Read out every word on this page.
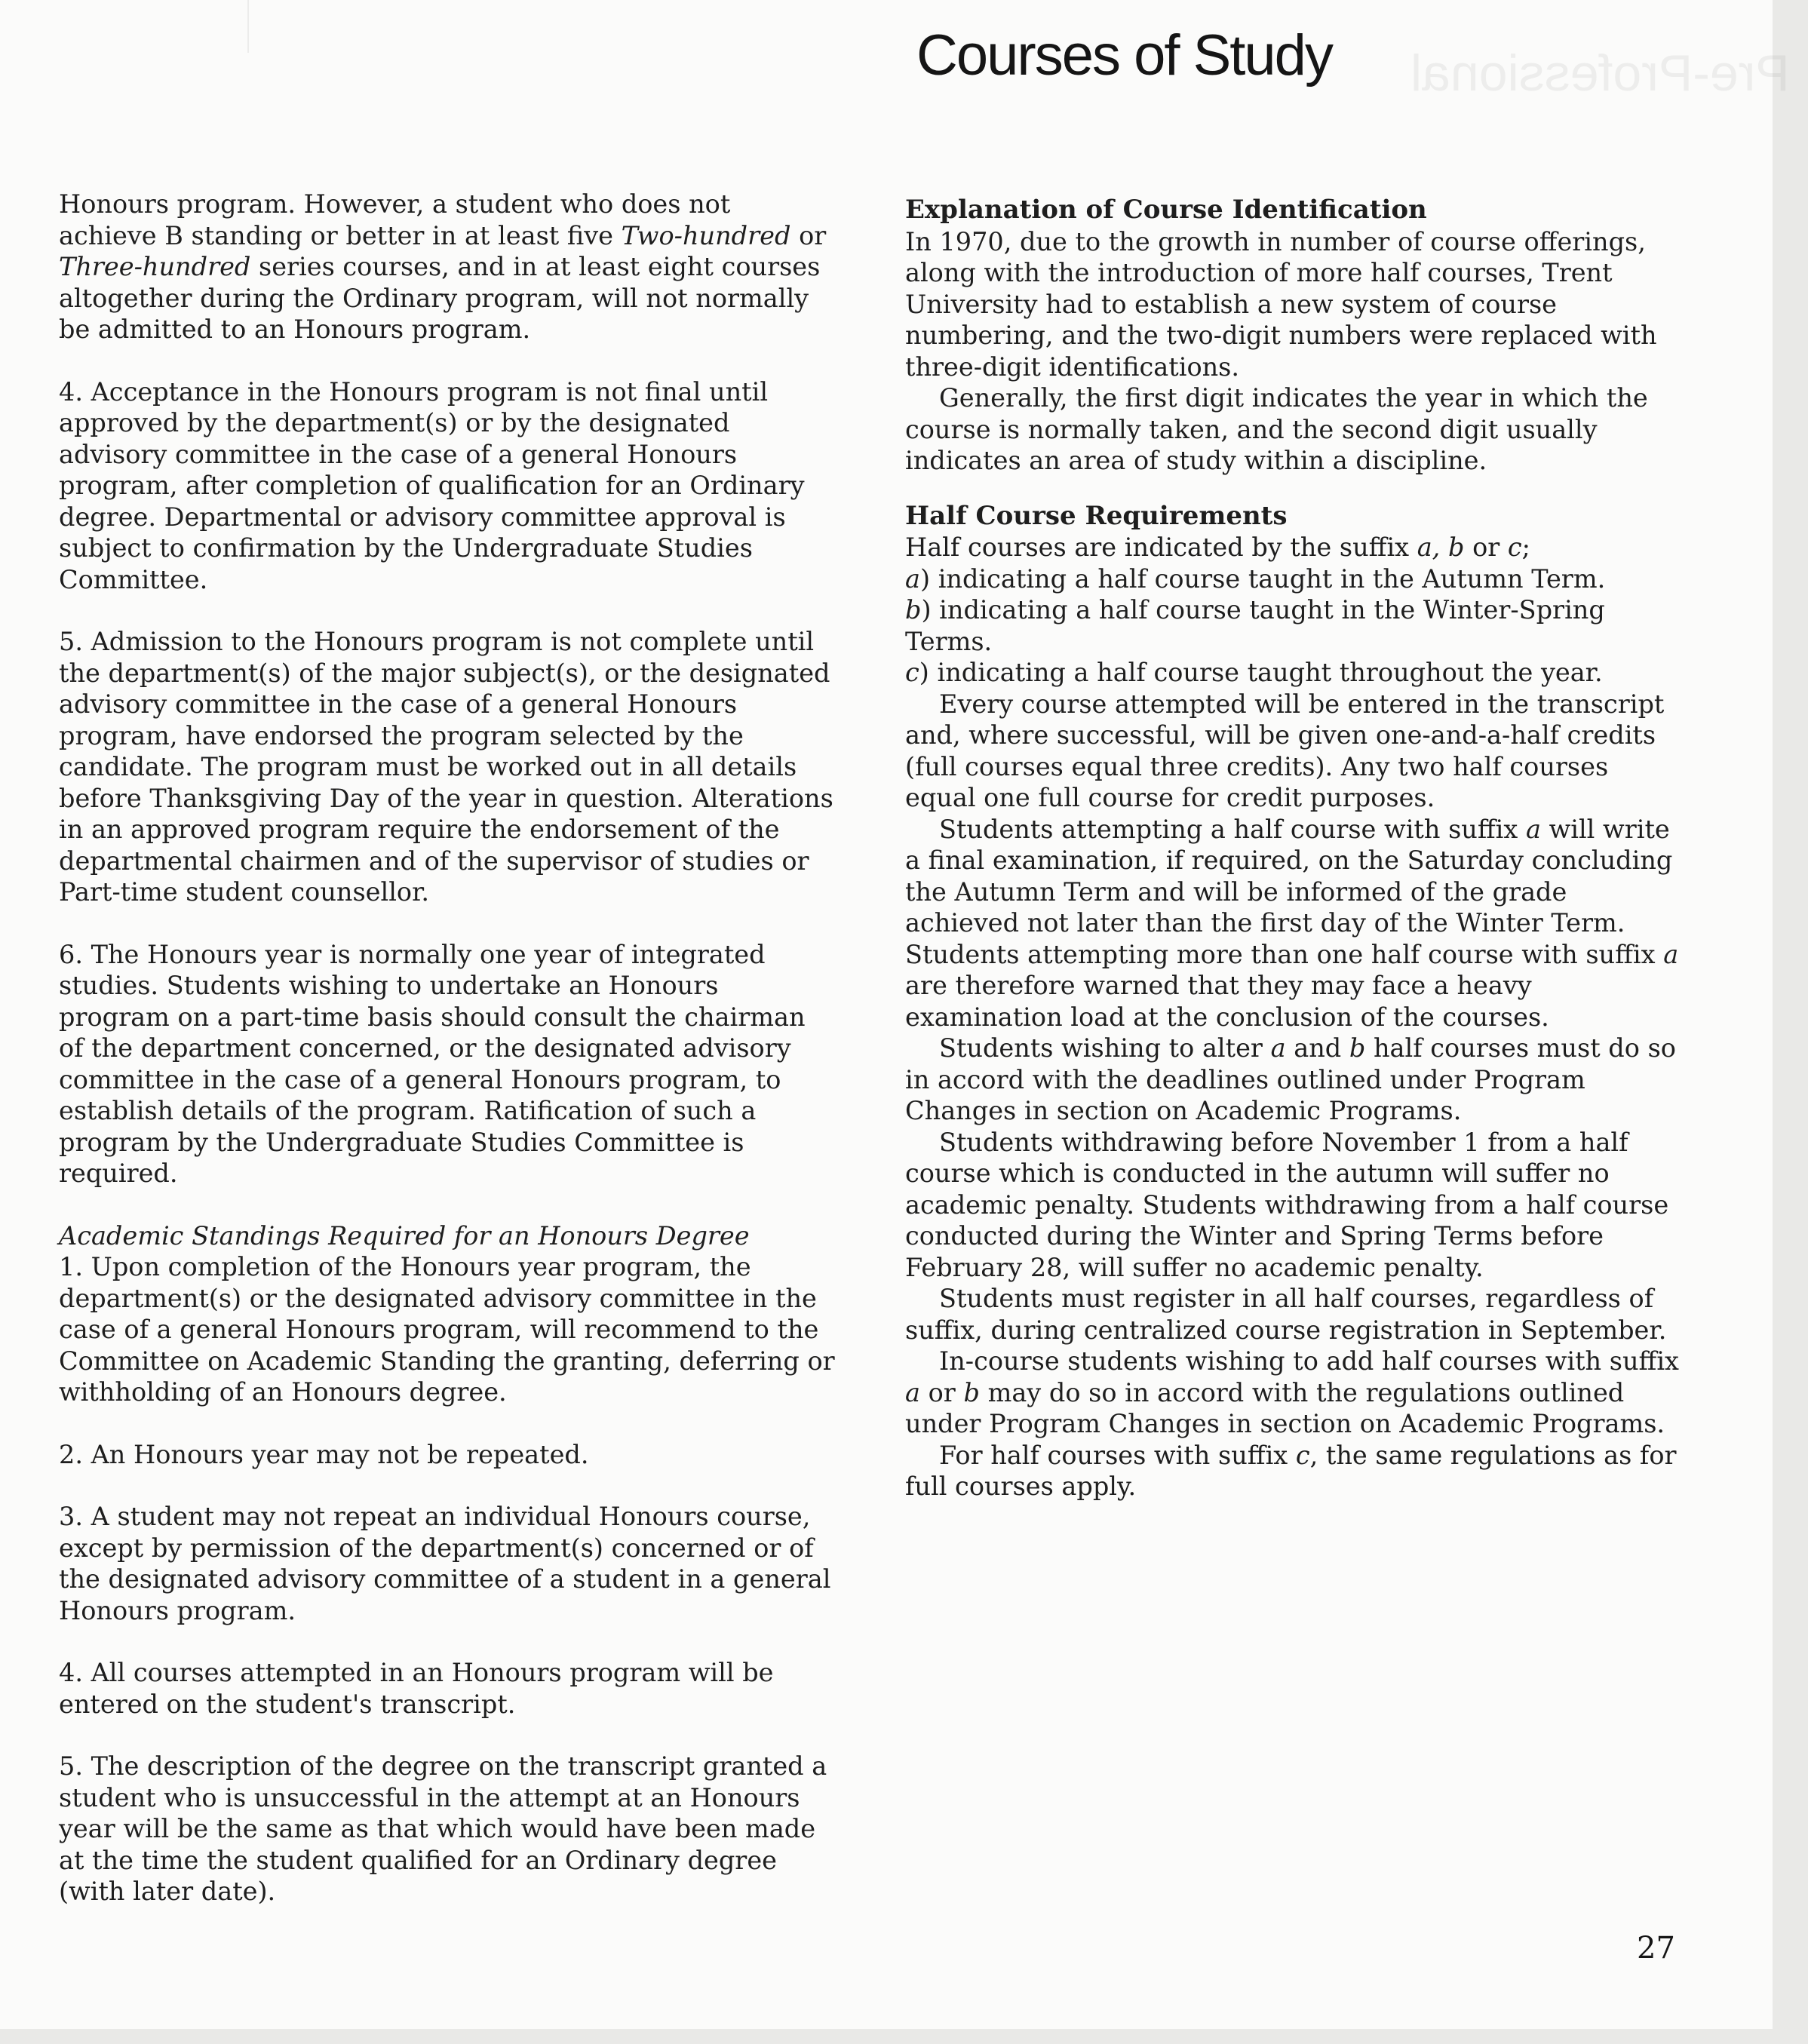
Pre-Professional
Courses of Study

Honours program. However, a student who does not achieve B standing or better in at least five Two-hundred or Three-hundred series courses, and in at least eight courses altogether during the Ordinary program, will not normally be admitted to an Honours program.

4. Acceptance in the Honours program is not final until approved by the department(s) or by the designated advisory committee in the case of a general Honours program, after completion of qualification for an Ordinary degree. Departmental or advisory committee approval is subject to confirmation by the Undergraduate Studies Committee.

5. Admission to the Honours program is not complete until the department(s) of the major subject(s), or the designated advisory committee in the case of a general Honours program, have endorsed the program selected by the candidate. The program must be worked out in all details before Thanksgiving Day of the year in question. Alterations in an approved program require the endorsement of the departmental chairmen and of the supervisor of studies or Part-time student counsellor.

6. The Honours year is normally one year of integrated studies. Students wishing to undertake an Honours program on a part-time basis should consult the chairman of the department concerned, or the designated advisory committee in the case of a general Honours program, to establish details of the program. Ratification of such a program by the Undergraduate Studies Committee is required.

Academic Standings Required for an Honours Degree

1. Upon completion of the Honours year program, the department(s) or the designated advisory committee in the case of a general Honours program, will recommend to the Committee on Academic Standing the granting, deferring or withholding of an Honours degree.

2. An Honours year may not be repeated.

3. A student may not repeat an individual Honours course, except by permission of the department(s) concerned or of the designated advisory committee of a student in a general Honours program.

4. All courses attempted in an Honours program will be entered on the student's transcript.

5. The description of the degree on the transcript granted a student who is unsuccessful in the attempt at an Honours year will be the same as that which would have been made at the time the student qualified for an Ordinary degree (with later date).

Explanation of Course Identification

In 1970, due to the growth in number of course offerings, along with the introduction of more half courses, Trent University had to establish a new system of course numbering, and the two-digit numbers were replaced with three-digit identifications.

Generally, the first digit indicates the year in which the course is normally taken, and the second digit usually indicates an area of study within a discipline.

Half Course Requirements

Half courses are indicated by the suffix a, b or c;

a) indicating a half course taught in the Autumn Term.

b) indicating a half course taught in the Winter-Spring Terms.

c) indicating a half course taught throughout the year.

Every course attempted will be entered in the transcript and, where successful, will be given one-and-a-half credits (full courses equal three credits). Any two half courses equal one full course for credit purposes.

Students attempting a half course with suffix a will write a final examination, if required, on the Saturday concluding the Autumn Term and will be informed of the grade achieved not later than the first day of the Winter Term. Students attempting more than one half course with suffix a are therefore warned that they may face a heavy examination load at the conclusion of the courses.

Students wishing to alter a and b half courses must do so in accord with the deadlines outlined under Program Changes in section on Academic Programs.

Students withdrawing before November 1 from a half course which is conducted in the autumn will suffer no academic penalty. Students withdrawing from a half course conducted during the Winter and Spring Terms before February 28, will suffer no academic penalty.

Students must register in all half courses, regardless of suffix, during centralized course registration in September.

In-course students wishing to add half courses with suffix a or b may do so in accord with the regulations outlined under Program Changes in section on Academic Programs.

For half courses with suffix c, the same regulations as for full courses apply.

27
